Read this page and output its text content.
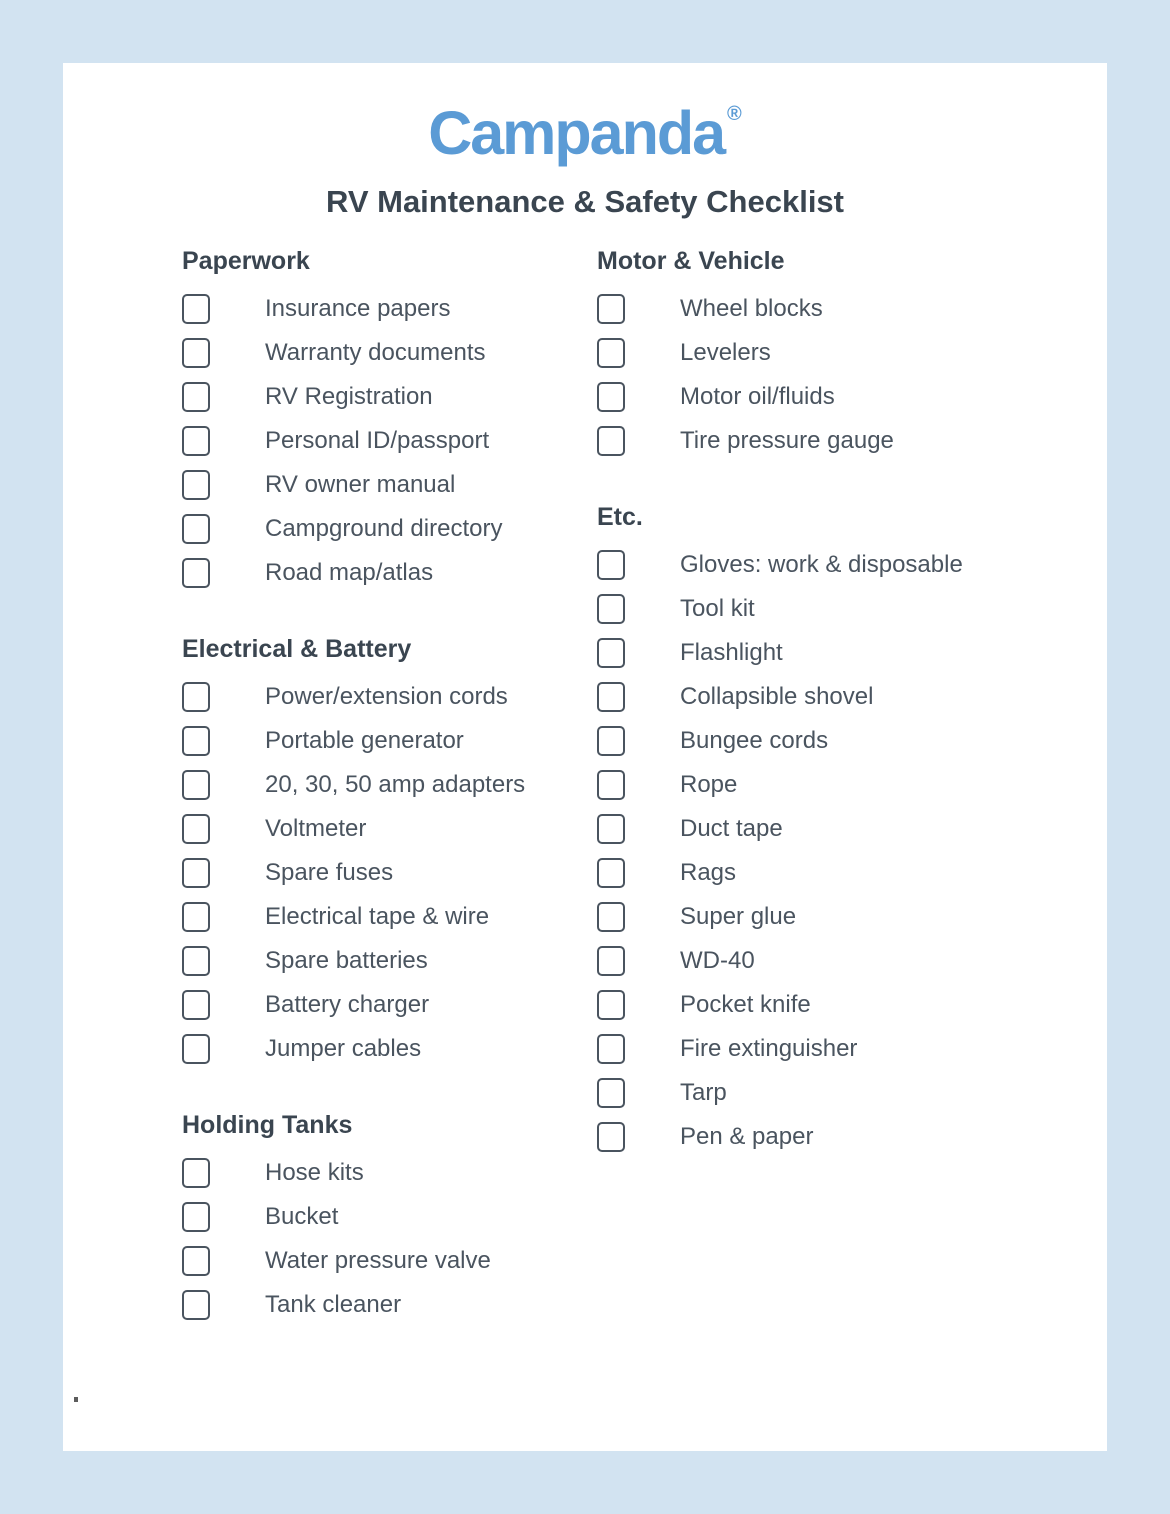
Campanda ®
RV Maintenance & Safety Checklist
Paperwork
Insurance papers
Warranty documents
RV Registration
Personal ID/passport
RV owner manual
Campground directory
Road map/atlas
Electrical & Battery
Power/extension cords
Portable generator
20, 30, 50 amp adapters
Voltmeter
Spare fuses
Electrical tape & wire
Spare batteries
Battery charger
Jumper cables
Holding Tanks
Hose kits
Bucket
Water pressure valve
Tank cleaner
Motor & Vehicle
Wheel blocks
Levelers
Motor oil/fluids
Tire pressure gauge
Etc.
Gloves: work & disposable
Tool kit
Flashlight
Collapsible shovel
Bungee cords
Rope
Duct tape
Rags
Super glue
WD-40
Pocket knife
Fire extinguisher
Tarp
Pen & paper
